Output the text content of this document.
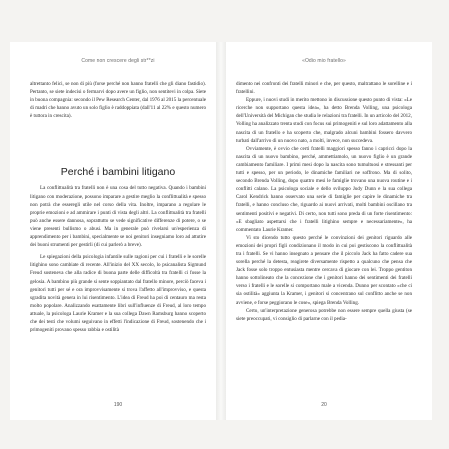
Come non crescere degli str**zi

altrettanto felici, se non di più (forse perché non hanno fratelli che gli diano fastidio). Pertanto, se siete indecisi o fermarvi dopo avere un figlio, non sentitevi in colpa. Siete in buona compagnia: secondo il Pew Research Center, dal 1976 al 2015 la percentuale di madri che hanno avuto un solo figlio è raddoppiata (dall'11 al 22% e questo numero è tuttora in crescita).

Perché i bambini litigano

La conflittualità tra fratelli non è una cosa del tutto negativa. Quando i bambini litigano con moderazione, possono imparare a gestire meglio la conflittualità e spesso non potrà che esseregli utile nel corso della vita. Inoltre, imparano a regolare le proprie emozioni e ad ammirare i punti di vista degli altri. La conflittualità tra fratelli può anche essere dannosa, soprattutto se vede significative differenze di potere, o se viene presenti bullismo o abusi. Ma in generale può rivelarsi un'esperienza di apprendimento per i bambini, specialmente se noi genitori insegniamo loro ad attutire dei buoni strumenti per gestirli (di cui parlerò a breve).

Le spiegazioni della psicologia infantile sulle ragioni per cui i fratelli e le sorelle litighino sono cambiate di recente. All'inizio del XX secolo, lo psicanalista Sigmund Freud sosteneva che alla radice di buona parte delle difficoltà tra fratelli ci fosse la gelosia. A bambino più grande si sente soppiantato dal fratello minore, perciò faceva i genitori tutti per sé e ora improvvisamente si trova l'affetto all'improvviso, e questa sgradita novità genera in lui risentimento. L'idea di Freud ha poi di centauro ma resta molto popolare. Analizzando esattamente libri sull'influenze di Freud, al loro tempo attuale, la psicologa Laurie Kramer e la sua collega Dawn Ramsburg hanno scoperto che dei testi che volumi seguivano in effetti l'indicazione di Freud, sostenendo che i primogeniti provano spesso rabbia e ostilità

190
«Odio mio fratello»

dimento nei confronti dei fratelli minori e che, per questo, maltrattano le sorelline e i fratellini.

Eppure, i nuovi studi in merito mettono in discussione questo punto di vista: «Le ricerche non supportano questa idea», ha detto Brenda Volling, una psicologa dell'Università del Michigan che studia le relazioni tra fratelli. In un articolo del 2012, Volling ha analizzato trenta studi con focus sui primogeniti e sul loro adattamento alla nascita di un fratello e ha scoperto che, malgrado alcuni bambini fossero davvero turbati dall'arrivo di un nuovo nato, a molti, invece, non succedeva.

Ovviamente, è ovvio che certi fratelli maggiori spesso fanno i capricci dopo la nascita di un nuovo bambino, perché, ammettiamolo, un nuovo figlio è un grande cambiamento familiare. I primi mesi dopo la nascita sono tumultuosi e stressanti per tutti e spesso, per un periodo, le dinamiche familiari ne soffrono. Ma di solito, secondo Brenda Volling, dopo quattro mesi le famiglie trovano una nuova routine e i conflitti calano. La psicologa sociale e dello sviluppo Judy Dunn e la sua collega Carol Kendrick hanno osservato una serie di famiglie per capire le dinamiche tra fratelli, e hanno concluso che, riguardo ai nuovi arrivati, molti bambini oscillano tra sentimenti positivi e negativi. Di certo, non tutti sono preda di un forte risentimento: «E sbagliato aspettarsi che i fratelli litighino sempre e necessariamente», ha commentato Laurie Kramer.

Vi sto dicendo tutto questo perché le convinzioni dei genitori riguardo alle emozioni dei propri figli condizionano il modo in cui poi gestiscono la conflittualità tra i fratelli. Se vi hanno insegnato a pensare che il piccolo Jack ha fatto cadere sua sorella perché la detesta, reagirete diversamente rispetto a qualcuno che pensa che Jack fosse solo troppo entusiasta mentre cercava di giocare con lei. Troppo gentiton hanno sottolineato che la concezione che i genitori hanno dei sentimenti dei fratelli verso i fratelli e le sorelle si comportano male a vicenda. Dunno per scontato «che ci sia ostilità» aggiunta la Kramer, i genitori si concentrano sul conflitto anche se non avviene, e forse peggiorano le cose», spiega Brenda Volling.

Certo, un'interpretazione generosa potrebbe non essere sempre quella giusta (se siete preoccupati, vi consiglio di parlarne con il pedia-

20
